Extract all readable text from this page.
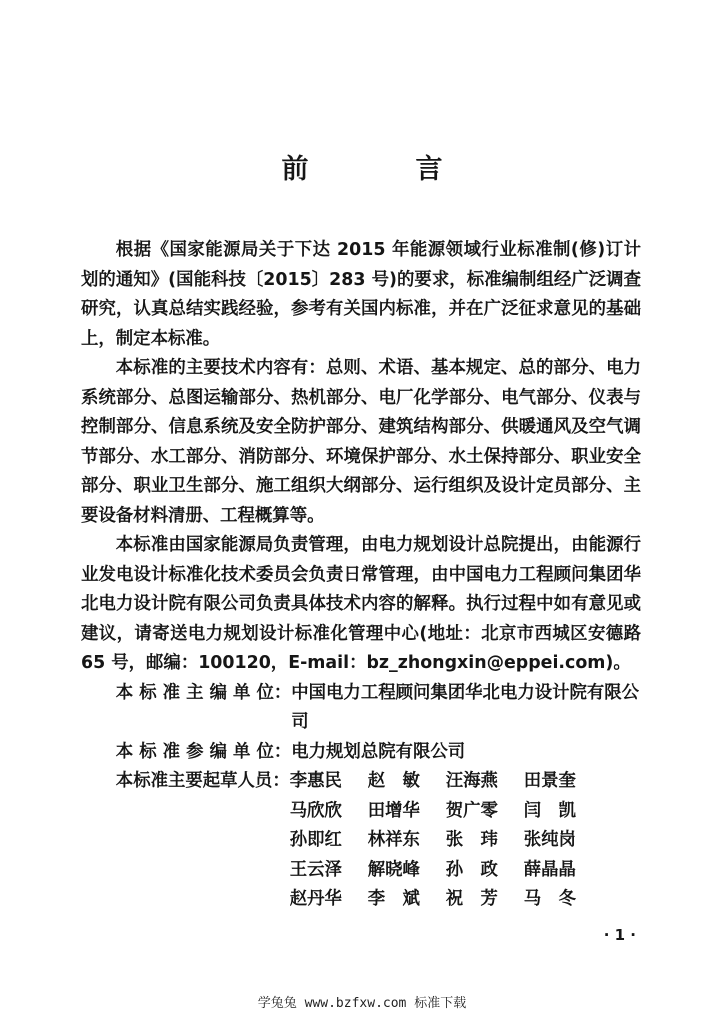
前　言

根据《国家能源局关于下达 2015 年能源领域行业标准制(修)订计划的通知》(国能科技〔2015〕283 号)的要求，标准编制组经广泛调查研究，认真总结实践经验，参考有关国内标准，并在广泛征求意见的基础上，制定本标准。

本标准的主要技术内容有：总则、术语、基本规定、总的部分、电力系统部分、总图运输部分、热机部分、电厂化学部分、电气部分、仪表与控制部分、信息系统及安全防护部分、建筑结构部分、供暖通风及空气调节部分、水工部分、消防部分、环境保护部分、水土保持部分、职业安全部分、职业卫生部分、施工组织大纲部分、运行组织及设计定员部分、主要设备材料清册、工程概算等。

本标准由国家能源局负责管理，由电力规划设计总院提出，由能源行业发电设计标准化技术委员会负责日常管理，由中国电力工程顾问集团华北电力设计院有限公司负责具体技术内容的解释。执行过程中如有意见或建议，请寄送电力规划设计标准化管理中心(地址：北京市西城区安德路 65 号，邮编：100120，E-mail：bz_zhongxin@eppei.com)。

本 标 准 主 编 单 位： 中国电力工程顾问集团华北电力设计院有限公司
本 标 准 参 编 单 位： 电力规划总院有限公司
本标准主要起草人员： 李惠民	赵　敏	汪海燕	田景奎
马欣欣	田增华	贺广零	闫　凯
孙即红	林祥东	张　玮	张纯岗
王云泽	解晓峰	孙　政	薛晶晶
赵丹华	李　斌	祝　芳	马　冬
· 1 ·
学兔兔 www.bzfxw.com 标准下载
